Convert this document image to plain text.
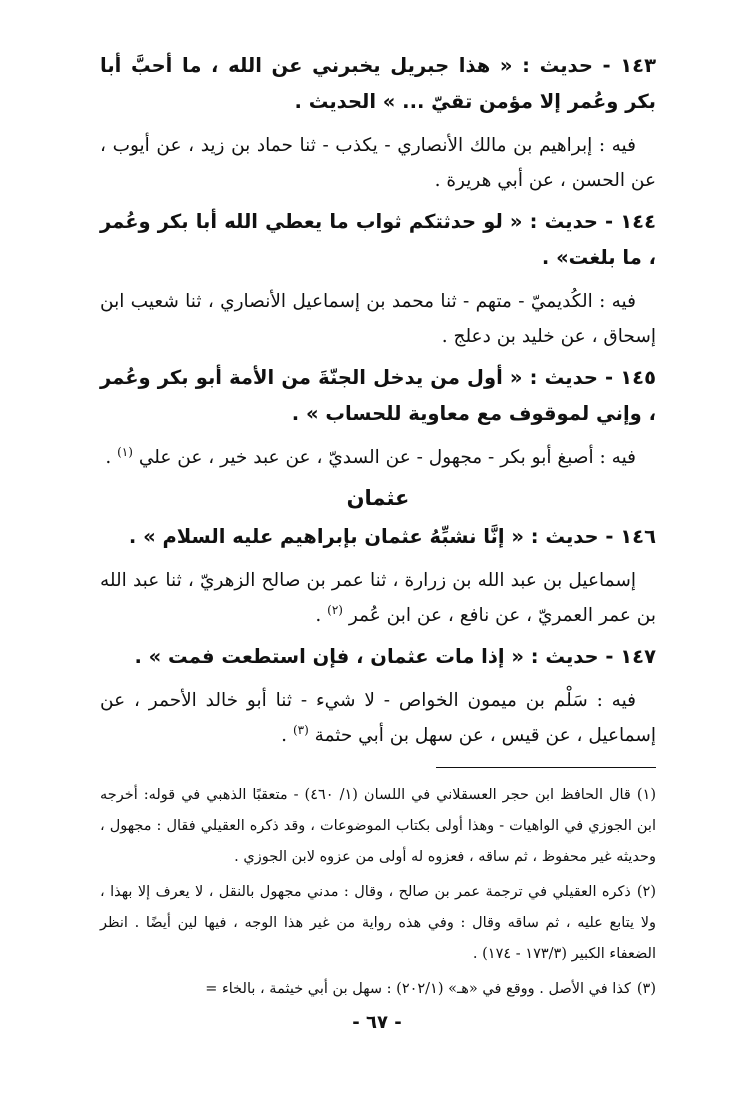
١٤٣ - حديث : « هذا جبريل يخبرني عن الله ، ما أحبَّ أبا بكر وعُمر إلا مؤمن تقيّ ... » الحديث .

فيه : إبراهيم بن مالك الأنصاري - يكذب - ثنا حماد بن زيد ، عن أيوب ، عن الحسن ، عن أبي هريرة .

١٤٤ - حديث : « لو حدثتكم ثواب ما يعطي الله أبا بكر وعُمر ، ما بلغت» .

فيه : الكُديميّ - متهم - ثنا محمد بن إسماعيل الأنصاري ، ثنا شعيب ابن إسحاق ، عن خليد بن دعلج .

١٤٥ - حديث : « أول من يدخل الجنّةَ من الأمة أبو بكر وعُمر ، وإني لموقوف مع معاوية للحساب » .

فيه : أصبغ أبو بكر - مجهول - عن السديّ ، عن عبد خير ، عن علي $^{(١)}$ .

عثمان

١٤٦ - حديث : « إنَّا نشبِّهُ عثمان بإبراهيم عليه السلام » .

إسماعيل بن عبد الله بن زرارة ، ثنا عمر بن صالح الزهريّ ، ثنا عبد الله بن عمر العمريّ ، عن نافع ، عن ابن عُمر $^{(٢)}$ .

١٤٧ - حديث : « إذا مات عثمان ، فإن استطعت فمت » .

فيه : سَلْم بن ميمون الخواص - لا شيء - ثنا أبو خالد الأحمر ، عن إسماعيل ، عن قيس ، عن سهل بن أبي حثمة $^{(٣)}$ .

(١)قال الحافظ ابن حجر العسقلاني في اللسان (١/ ٤٦٠) - متعقبًا الذهبي في قوله: أخرجه ابن الجوزي في الواهيات - وهذا أولى بكتاب الموضوعات ، وقد ذكره العقيلي فقال : مجهول ، وحديثه غير محفوظ ، ثم ساقه ، فعزوه له أولى من عزوه لابن الجوزي .

(٢)ذكره العقيلي في ترجمة عمر بن صالح ، وقال : مدني مجهول بالنقل ، لا يعرف إلا بهذا ، ولا يتابع عليه ، ثم ساقه وقال : وفي هذه رواية من غير هذا الوجه ، فيها لين أيضًا . انظر الضعفاء الكبير (١٧٣/٣ - ١٧٤) .

(٣)كذا في الأصل . ووقع في «هـ» (٢٠٢/١) : سهل بن أبي خيثمة ، بالخاء =

- ٦٧ -
